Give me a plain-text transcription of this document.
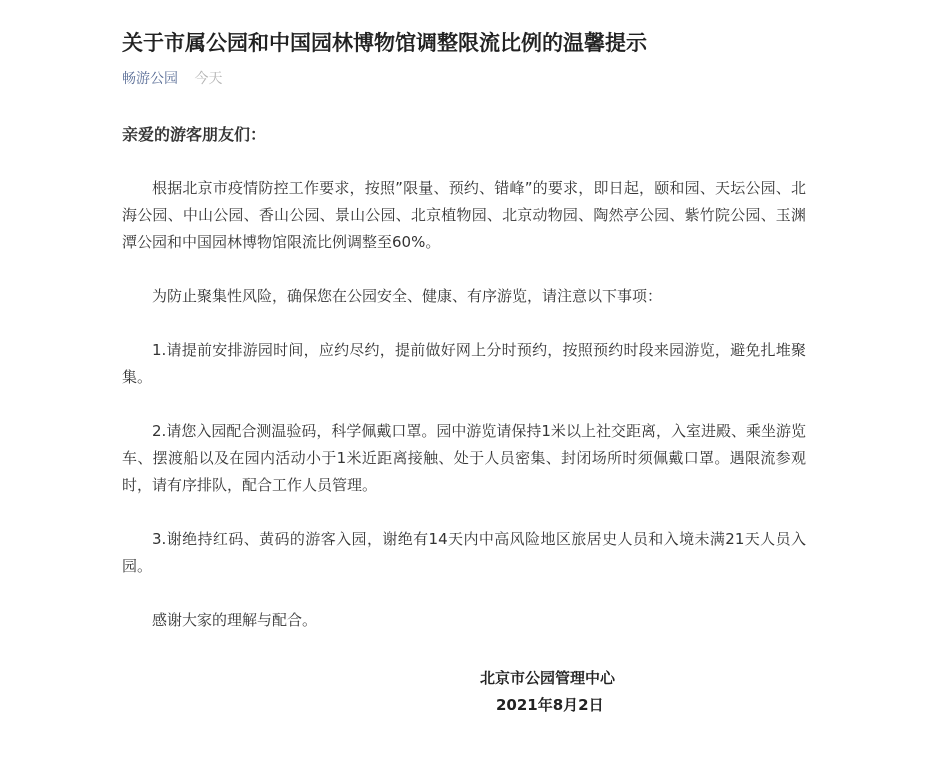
关于市属公园和中国园林博物馆调整限流比例的温馨提示
畅游公园 今天

亲爱的游客朋友们：

根据北京市疫情防控工作要求，按照”限量、预约、错峰”的要求，即日起，颐和园、天坛公园、北海公园、中山公园、香山公园、景山公园、北京植物园、北京动物园、陶然亭公园、紫竹院公园、玉渊潭公园和中国园林博物馆限流比例调整至60%。

为防止聚集性风险，确保您在公园安全、健康、有序游览，请注意以下事项：

1.请提前安排游园时间，应约尽约，提前做好网上分时预约，按照预约时段来园游览，避免扎堆聚集。

2.请您入园配合测温验码，科学佩戴口罩。园中游览请保持1米以上社交距离，入室进殿、乘坐游览车、摆渡船以及在园内活动小于1米近距离接触、处于人员密集、封闭场所时须佩戴口罩。遇限流参观时，请有序排队，配合工作人员管理。

3.谢绝持红码、黄码的游客入园，谢绝有14天内中高风险地区旅居史人员和入境未满21天人员入园。

感谢大家的理解与配合。

北京市公园管理中心
2021年8月2日
